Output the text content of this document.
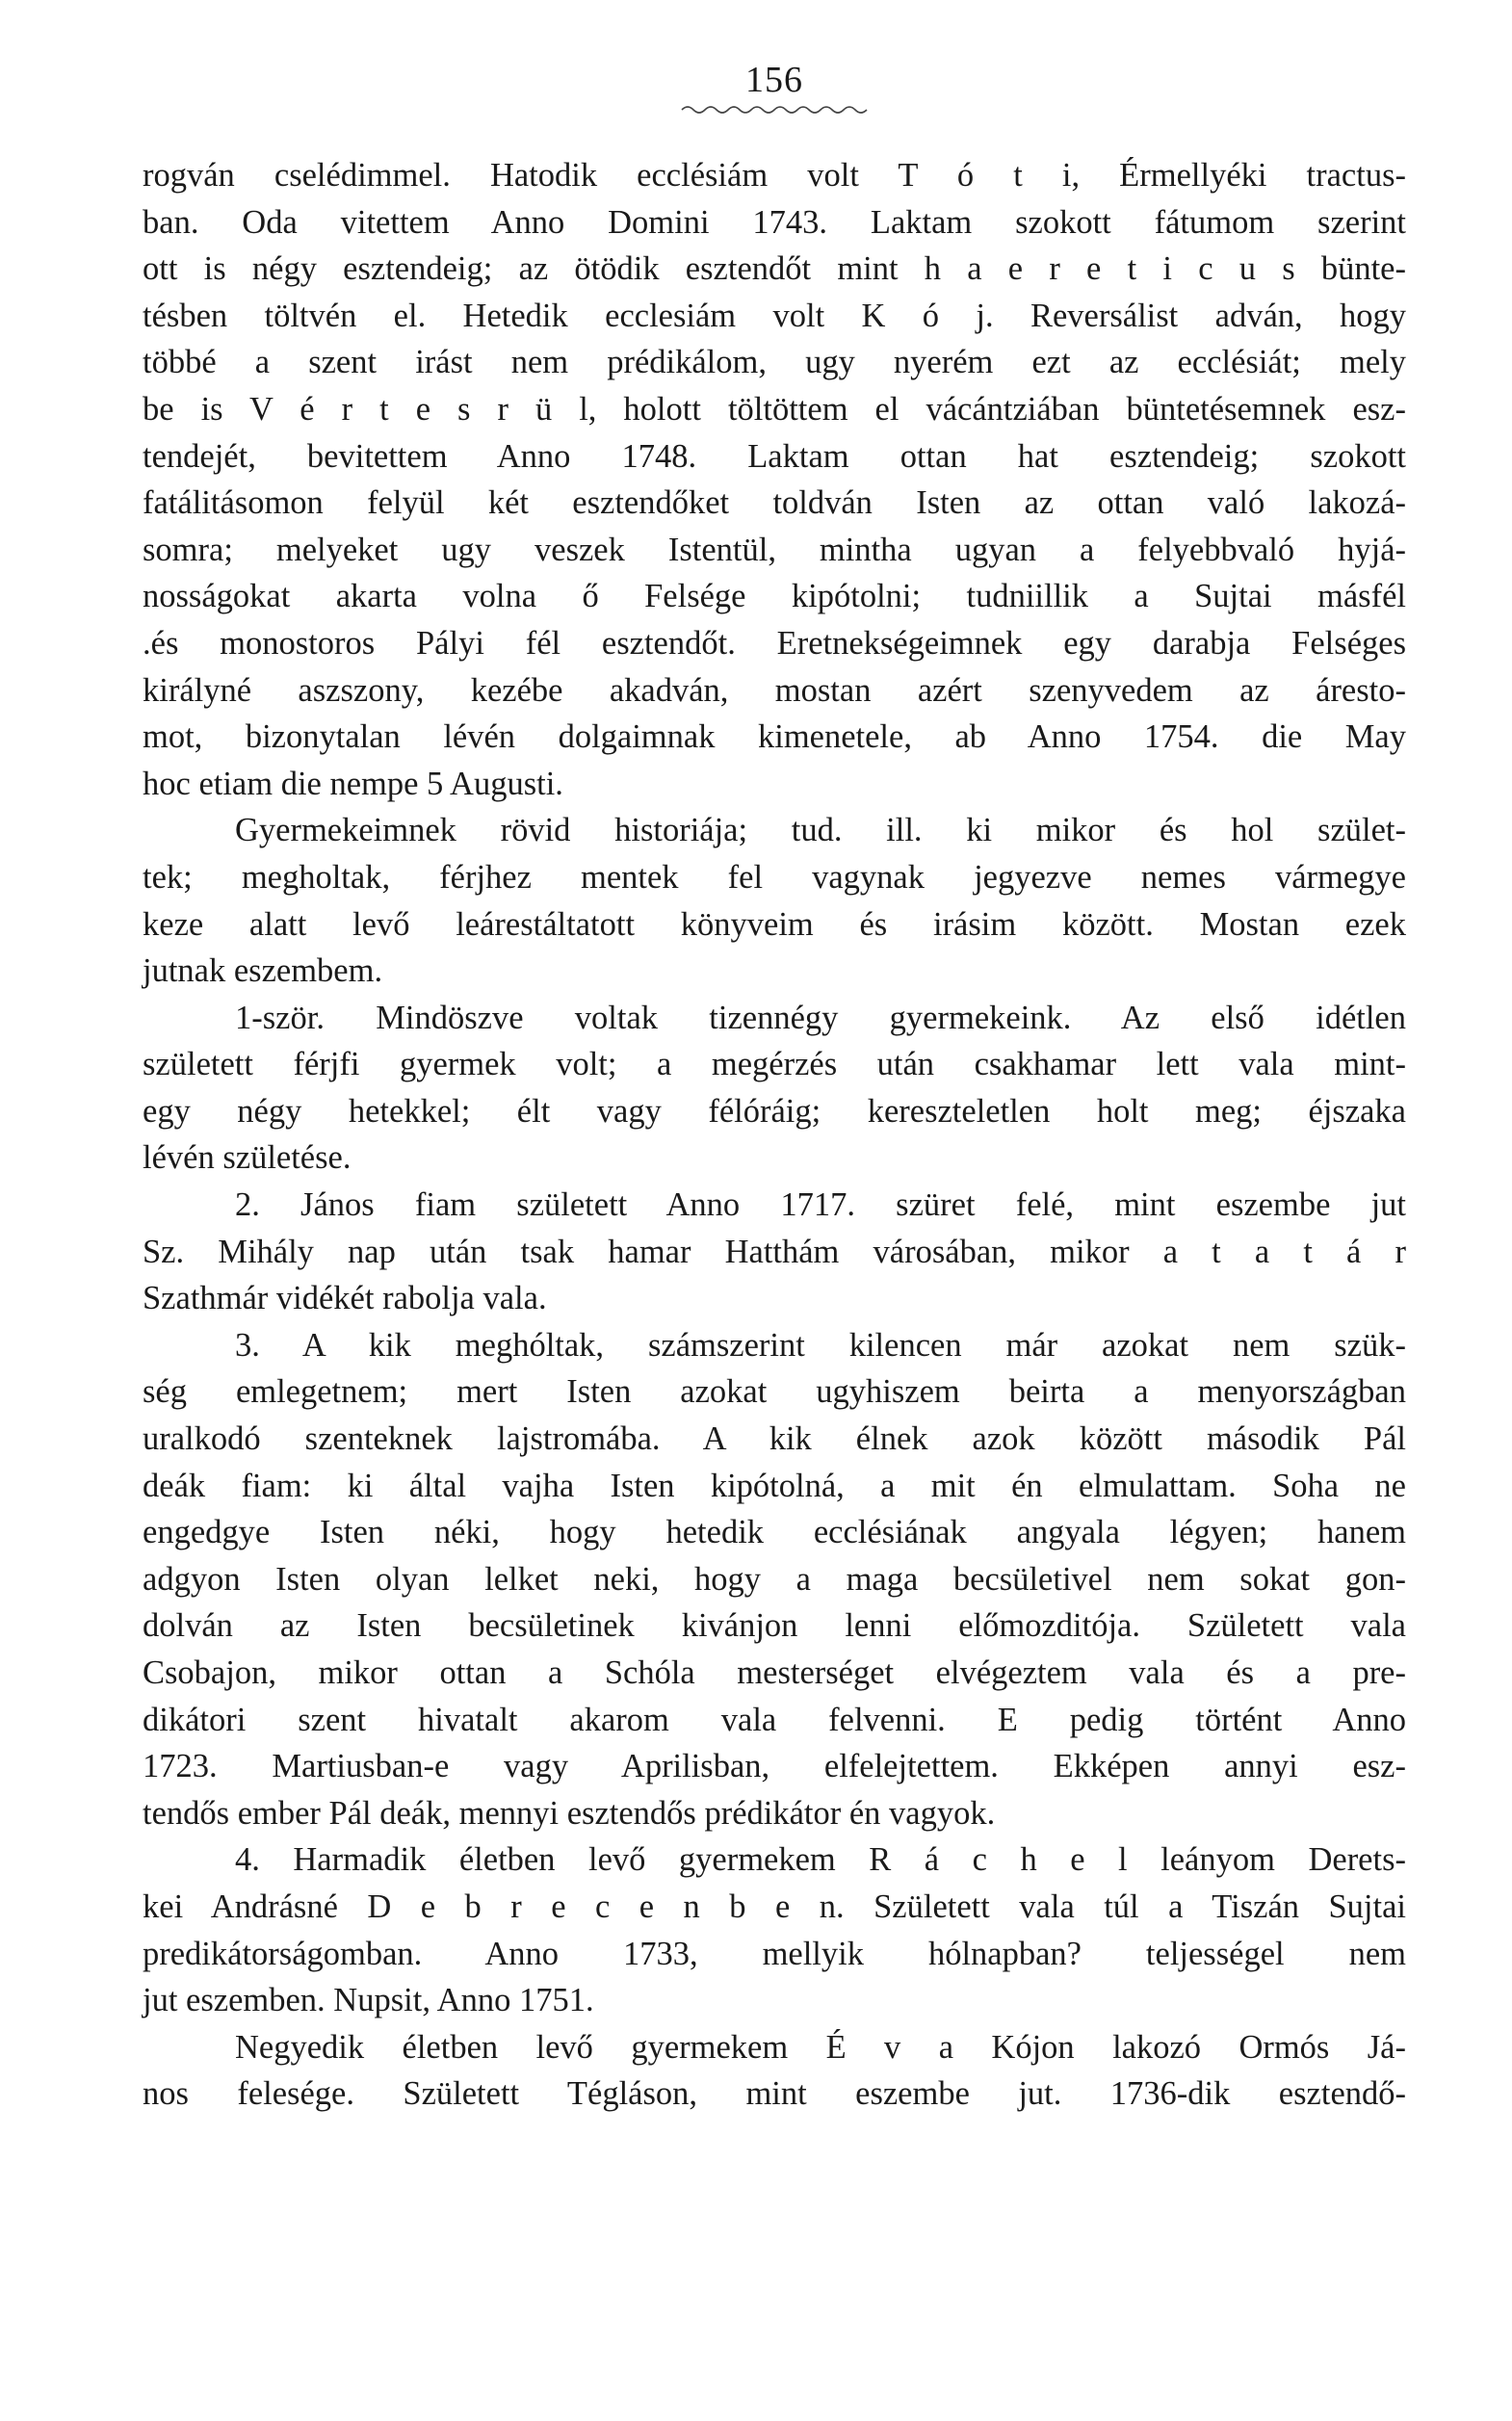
156

rogván cselédimmel. Hatodik ecclésiám volt T ó t i, Érmellyéki tractus-

ban. Oda vitettem Anno Domini 1743. Laktam szokott fátumom szerint

ott is négy esztendeig; az ötödik esztendőt mint h a e r e t i c u s bünte-

tésben töltvén el. Hetedik ecclesiám volt K ó j. Reversálist adván, hogy

többé a szent irást nem prédikálom, ugy nyerém ezt az ecclésiát; mely

be is V é r t e s r ü l, holott töltöttem el vácántziában büntetésemnek esz-

tendejét, bevitettem Anno 1748. Laktam ottan hat esztendeig; szokott

fatálitásomon felyül két esztendőket toldván Isten az ottan való lakozá-

somra; melyeket ugy veszek Istentül, mintha ugyan a felyebbvaló hyjá-

nosságokat akarta volna ő Felsége kipótolni; tudniillik a Sujtai másfél

.és monostoros Pályi fél esztendőt. Eretnekségeimnek egy darabja Felséges

királyné aszszony, kezébe akadván, mostan azért szenyvedem az árestо-

mot, bizonytalan lévén dolgaimnak kimenetele, ab Anno 1754. die May

hoc etiam die nempe 5 Augusti.

Gyermekeimnek rövid historiája; tud. ill. ki mikor és hol szület-

tek; megholtak, férjhez mentek fel vagynak jegyezve nemes vármegye

keze alatt levő leárestáltatott könyveim és irásim között. Mostan ezek

jutnak eszembem.

1-ször. Mindöszve voltak tizennégy gyermekeink. Az első idétlen

született férjfi gyermek volt; a megérzés után csakhamar lett vala mint-

egy négy hetekkel; élt vagy félóráig; kereszteletlen holt meg; éjszaka

lévén születése.

2. János fiam született Anno 1717. szüret felé, mint eszembe jut

Sz. Mihály nap után tsak hamar Hatthám városában, mikor a t a t á r

Szathmár vidékét rabolja vala.

3. A kik meghóltak, számszerint kilencen már azokat nem szük-

ség emlegetnem; mert Isten azokat ugyhiszem beirta a menyországban

uralkodó szenteknek lajstromába. A kik élnek azok között második Pál

deák fiam: ki által vajha Isten kipótolná, a mit én elmulattam. Soha ne

engedgye Isten néki, hogy hetedik ecclésiának angyala légyen; hanem

adgyon Isten olyan lelket neki, hogy a maga becsületivel nem sokat gon-

dolván az Isten becsületinek kivánjon lenni előmozditója. Született vala

Csobajon, mikor ottan a Schóla mesterséget elvégeztem vala és a pre-

dikátori szent hivatalt akarom vala felvenni. E pedig történt Anno

1723. Martiusban-e vagy Aprilisban, elfelejtettem. Ekképen annyi esz-

tendős ember Pál deák, mennyi esztendős prédikátor én vagyok.

4. Harmadik életben levő gyermekem R á c h e l leányom Derets-

kei Andrásné D e b r e c e n b e n. Született vala túl a Tiszán Sujtai

predikátorságomban. Anno 1733, mellyik hólnapban? teljességel nem

jut eszemben. Nupsit, Anno 1751.

Negyedik életben levő gyermekem É v a Kójon lakozó Ormós Já-

nos felesége. Született Tégláson, mint eszembe jut. 1736-dik esztendő-
